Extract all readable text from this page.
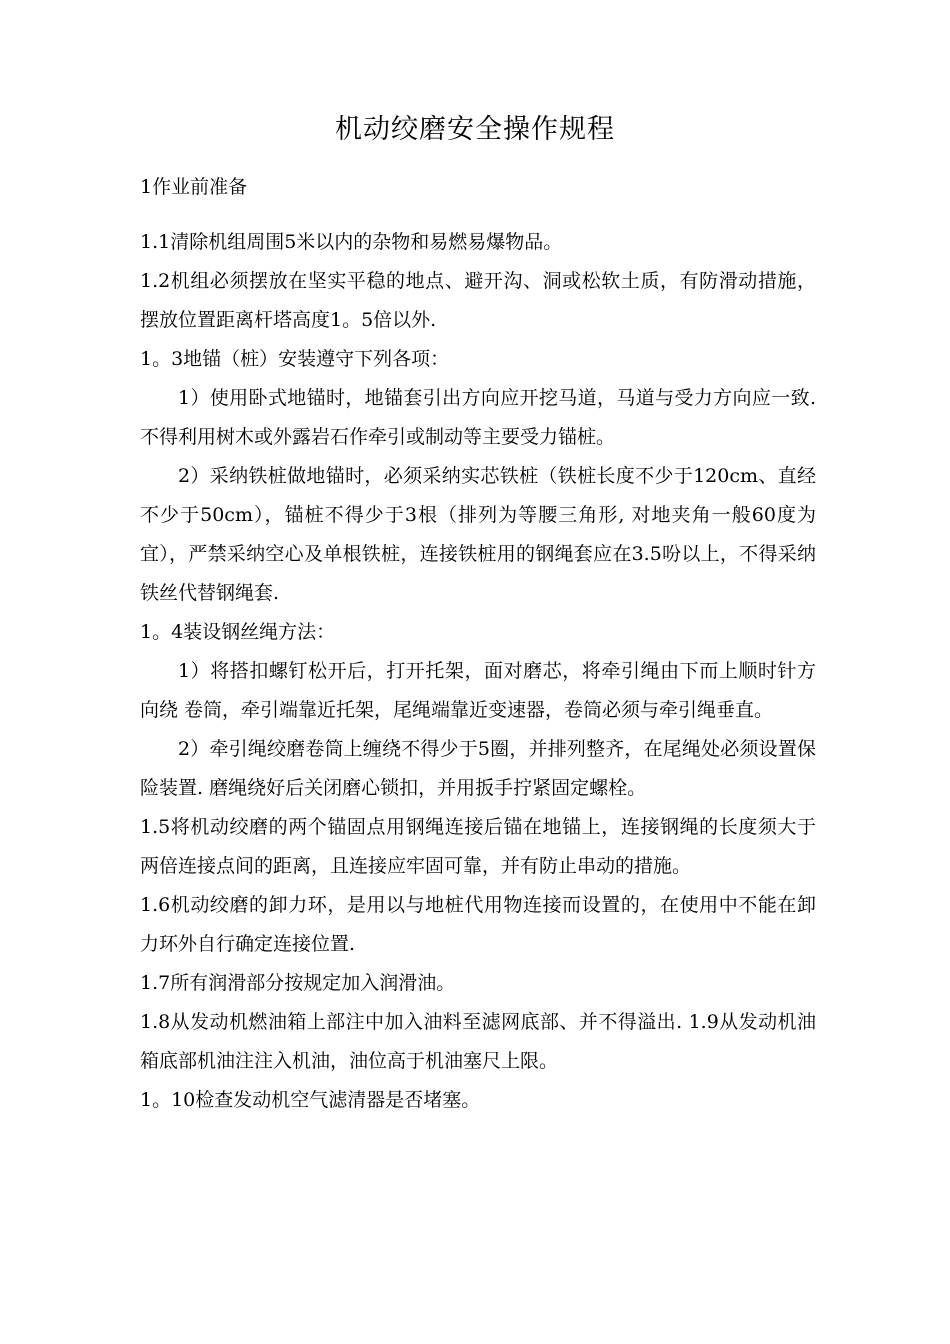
机动绞磨安全操作规程

1作业前准备

1.1清除机组周围5米以内的杂物和易燃易爆物品。

1.2机组必须摆放在坚实平稳的地点、避开沟、洞或松软土质，有防滑动措施，摆放位置距离杆塔高度1。5倍以外.

1。3地锚（桩）安装遵守下列各项：

1）使用卧式地锚时，地锚套引出方向应开挖马道，马道与受力方向应一致. 不得利用树木或外露岩石作牵引或制动等主要受力锚桩。

2）采纳铁桩做地锚时，必须采纳实芯铁桩（铁桩长度不少于120cm、直经不少于50cm），锚桩不得少于3根（排列为等腰三角形, 对地夹角一般60度为宜），严禁采纳空心及单根铁桩，连接铁桩用的钢绳套应在3.5吩以上，不得采纳铁丝代替钢绳套.

1。4装设钢丝绳方法：

1）将搭扣螺钉松开后，打开托架，面对磨芯，将牵引绳由下而上顺时针方向绕 卷筒，牵引端靠近托架，尾绳端靠近变速器，卷筒必须与牵引绳垂直。

2）牵引绳绞磨卷筒上缠绕不得少于5圈，并排列整齐，在尾绳处必须设置保险装置. 磨绳绕好后关闭磨心锁扣，并用扳手拧紧固定螺栓。

1.5将机动绞磨的两个锚固点用钢绳连接后锚在地锚上，连接钢绳的长度须大于两倍连接点间的距离，且连接应牢固可靠，并有防止串动的措施。

1.6机动绞磨的卸力环，是用以与地桩代用物连接而设置的，在使用中不能在卸力环外自行确定连接位置.

1.7所有润滑部分按规定加入润滑油。

1.8从发动机燃油箱上部注中加入油料至滤网底部、并不得溢出. 1.9从发动机油箱底部机油注注入机油，油位高于机油塞尺上限。

1。10检查发动机空气滤清器是否堵塞。
